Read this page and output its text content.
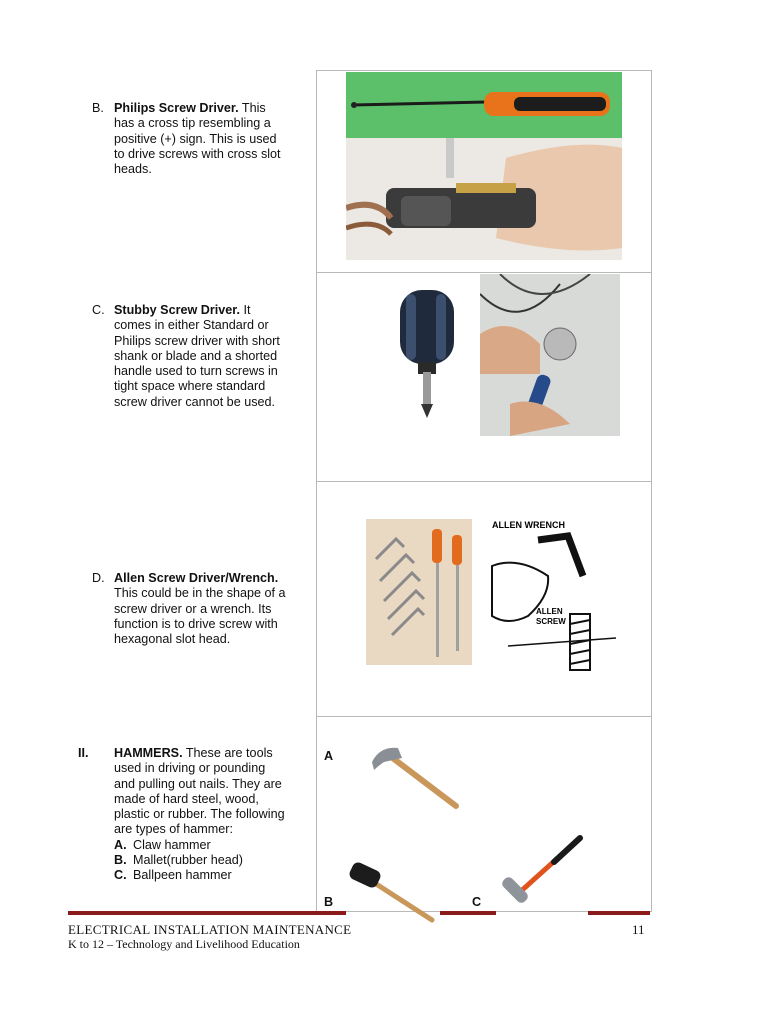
B. Philips Screw Driver. This
has a cross tip resembling a
positive (+) sign. This is used
to drive screws with cross slot
heads.
C. Stubby Screw Driver. It
comes in either Standard or
Philips screw driver with short
shank or blade and a shorted
handle used to turn screws in
tight space where standard
screw driver cannot be used.
D. Allen Screw Driver/Wrench.
This could be in the shape of a
screw driver or a wrench. Its
function is to drive screw with
hexagonal slot head.
II. HAMMERS. These are tools
used in driving or pounding
and pulling out nails. They are
made of hard steel, wood,
plastic or rubber. The following
are types of hammer:
A. Claw hammer
B. Mallet(rubber head)
C. Ballpeen hammer
ALLEN WRENCH
ALLEN
SCREW
A
B	C
ELECTRICAL INSTALLATION MAINTENANCE
K to 12 – Technology and Livelihood Education
11
